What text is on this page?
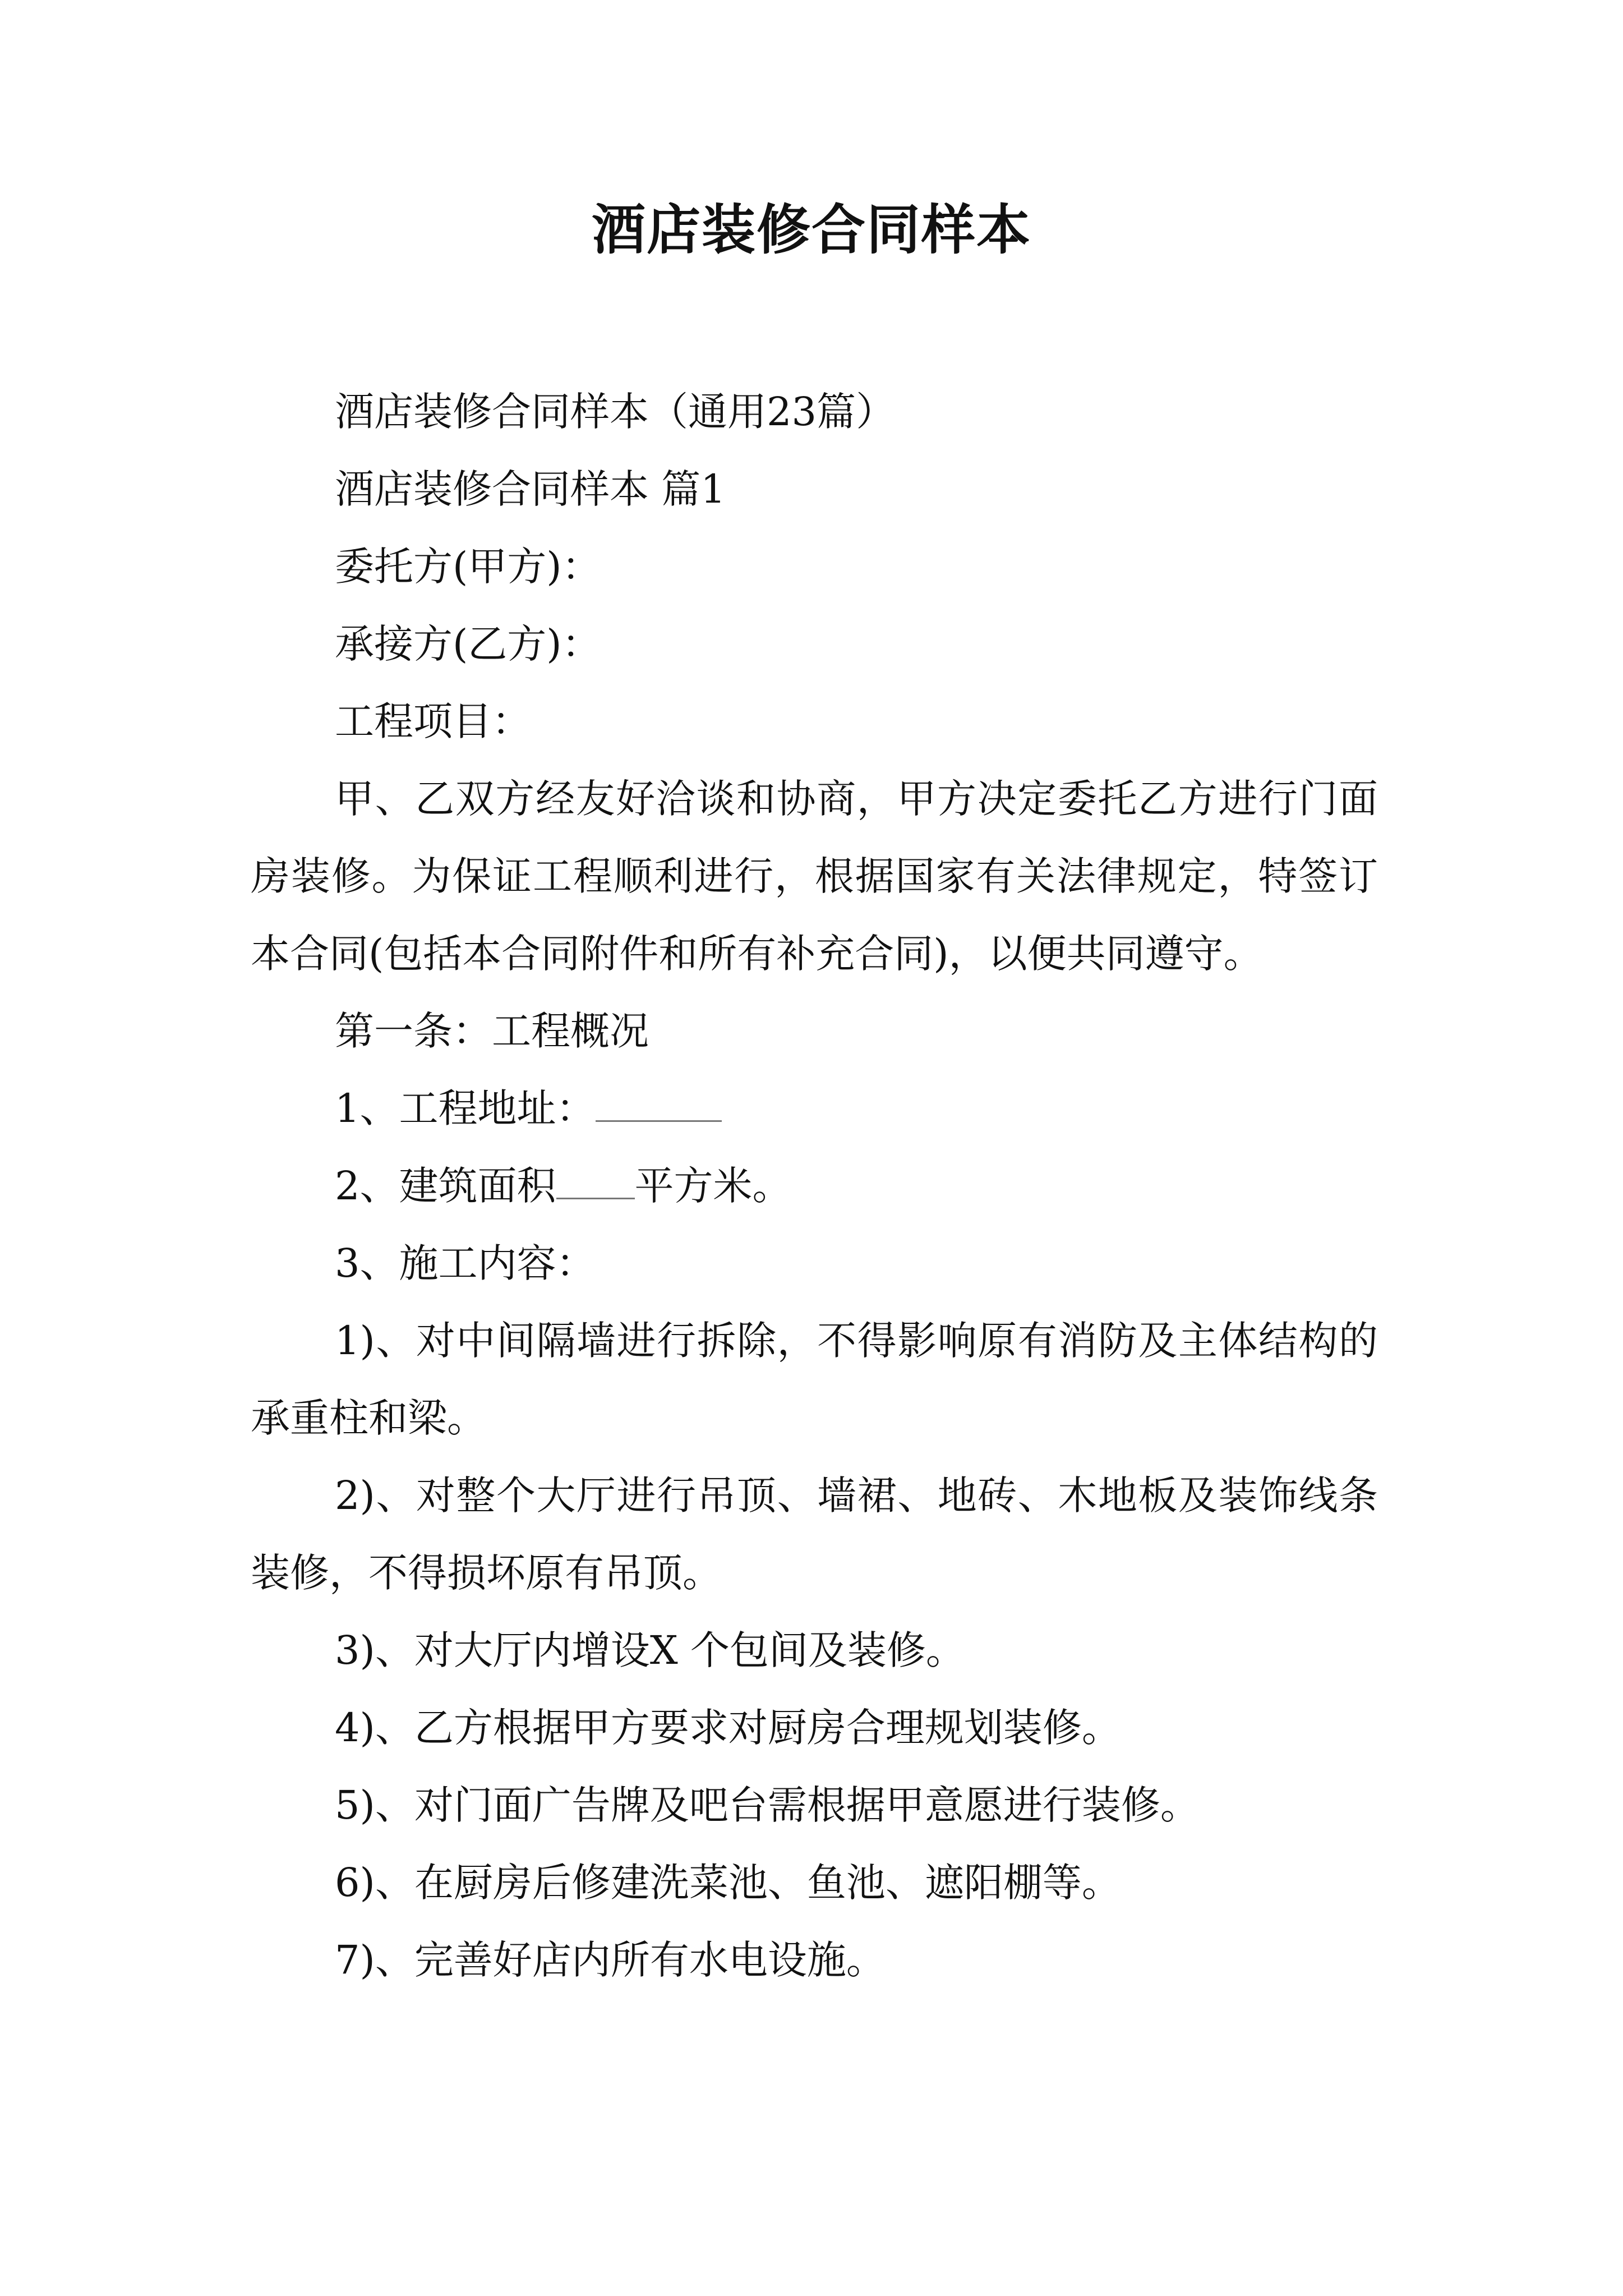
酒店装修合同样本

酒店装修合同样本（通用23篇）

酒店装修合同样本 篇1

委托方(甲方)：

承接方(乙方)：

工程项目：

甲、乙双方经友好洽谈和协商，甲方决定委托乙方进行门面房装修。为保证工程顺利进行，根据国家有关法律规定，特签订本合同(包括本合同附件和所有补充合同)，以便共同遵守。

第一条：工程概况

1、工程地址：

2、建筑面积 平方米。

3、施工内容：

1)、对中间隔墙进行拆除，不得影响原有消防及主体结构的承重柱和梁。

2)、对整个大厅进行吊顶、墙裙、地砖、木地板及装饰线条装修，不得损坏原有吊顶。

3)、对大厅内增设X 个包间及装修。

4)、乙方根据甲方要求对厨房合理规划装修。

5)、对门面广告牌及吧台需根据甲意愿进行装修。

6)、在厨房后修建洗菜池、鱼池、遮阳棚等。

7)、完善好店内所有水电设施。
